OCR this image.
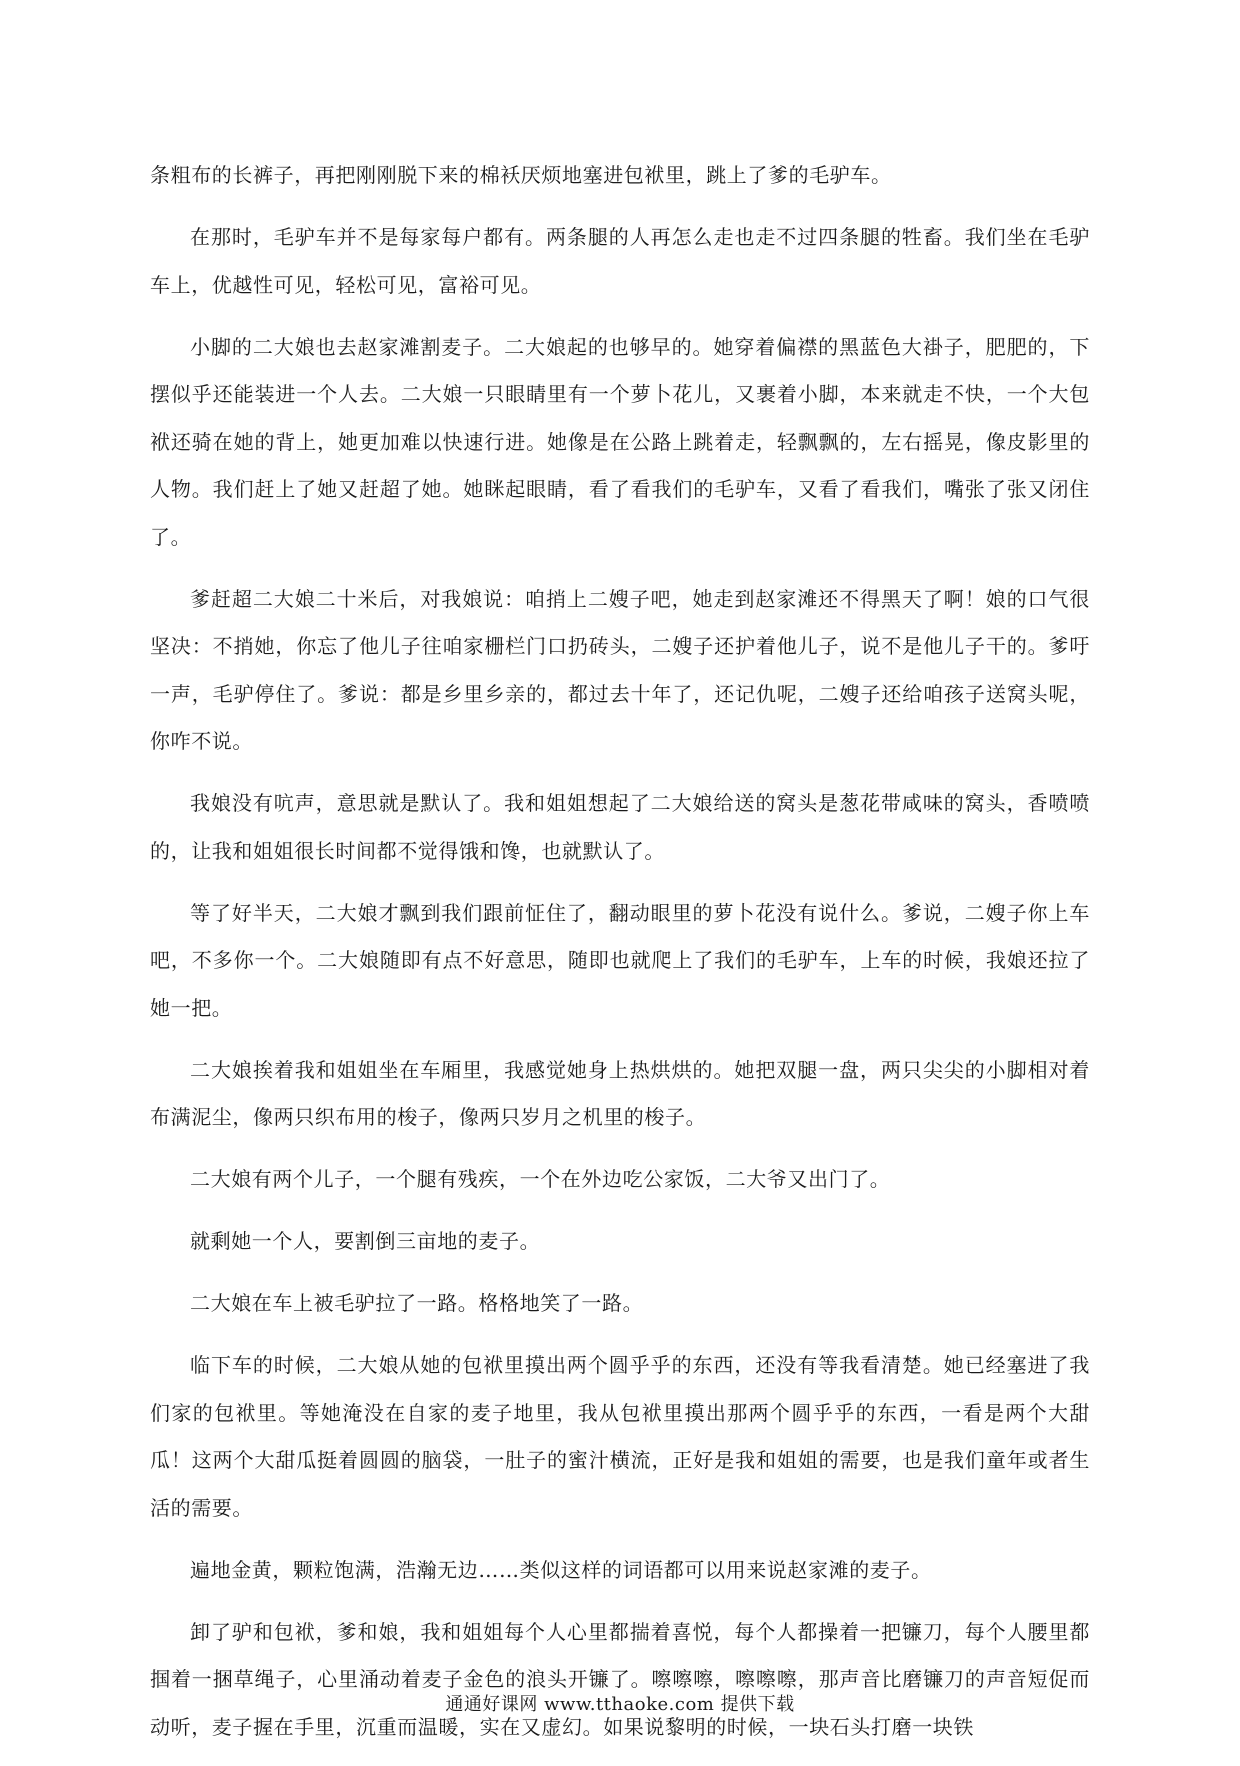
条粗布的长裤子，再把刚刚脱下来的棉袄厌烦地塞进包袱里，跳上了爹的毛驴车。

在那时，毛驴车并不是每家每户都有。两条腿的人再怎么走也走不过四条腿的牲畜。我们坐在毛驴车上，优越性可见，轻松可见，富裕可见。

小脚的二大娘也去赵家滩割麦子。二大娘起的也够早的。她穿着偏襟的黑蓝色大褂子，肥肥的，下摆似乎还能装进一个人去。二大娘一只眼睛里有一个萝卜花儿，又裹着小脚，本来就走不快，一个大包袱还骑在她的背上，她更加难以快速行进。她像是在公路上跳着走，轻飘飘的，左右摇晃，像皮影里的人物。我们赶上了她又赶超了她。她眯起眼睛，看了看我们的毛驴车，又看了看我们，嘴张了张又闭住了。

爹赶超二大娘二十米后，对我娘说：咱捎上二嫂子吧，她走到赵家滩还不得黑天了啊！娘的口气很坚决：不捎她，你忘了他儿子往咱家栅栏门口扔砖头，二嫂子还护着他儿子，说不是他儿子干的。爹吁一声，毛驴停住了。爹说：都是乡里乡亲的，都过去十年了，还记仇呢，二嫂子还给咱孩子送窝头呢，你咋不说。

我娘没有吭声，意思就是默认了。我和姐姐想起了二大娘给送的窝头是葱花带咸味的窝头，香喷喷的，让我和姐姐很长时间都不觉得饿和馋，也就默认了。

等了好半天，二大娘才飘到我们跟前怔住了，翻动眼里的萝卜花没有说什么。爹说，二嫂子你上车吧，不多你一个。二大娘随即有点不好意思，随即也就爬上了我们的毛驴车，上车的时候，我娘还拉了她一把。

二大娘挨着我和姐姐坐在车厢里，我感觉她身上热烘烘的。她把双腿一盘，两只尖尖的小脚相对着布满泥尘，像两只织布用的梭子，像两只岁月之机里的梭子。

二大娘有两个儿子，一个腿有残疾，一个在外边吃公家饭，二大爷又出门了。

就剩她一个人，要割倒三亩地的麦子。

二大娘在车上被毛驴拉了一路。格格地笑了一路。

临下车的时候，二大娘从她的包袱里摸出两个圆乎乎的东西，还没有等我看清楚。她已经塞进了我们家的包袱里。等她淹没在自家的麦子地里，我从包袱里摸出那两个圆乎乎的东西，一看是两个大甜瓜！这两个大甜瓜挺着圆圆的脑袋，一肚子的蜜汁横流，正好是我和姐姐的需要，也是我们童年或者生活的需要。

遍地金黄，颗粒饱满，浩瀚无边……类似这样的词语都可以用来说赵家滩的麦子。

卸了驴和包袱，爹和娘，我和姐姐每个人心里都揣着喜悦，每个人都操着一把镰刀，每个人腰里都掴着一捆草绳子，心里涌动着麦子金色的浪头开镰了。嚓嚓嚓，嚓嚓嚓，那声音比磨镰刀的声音短促而动听，麦子握在手里，沉重而温暖，实在又虚幻。如果说黎明的时候，一块石头打磨一块铁

通通好课网 www.tthaoke.com 提供下载
